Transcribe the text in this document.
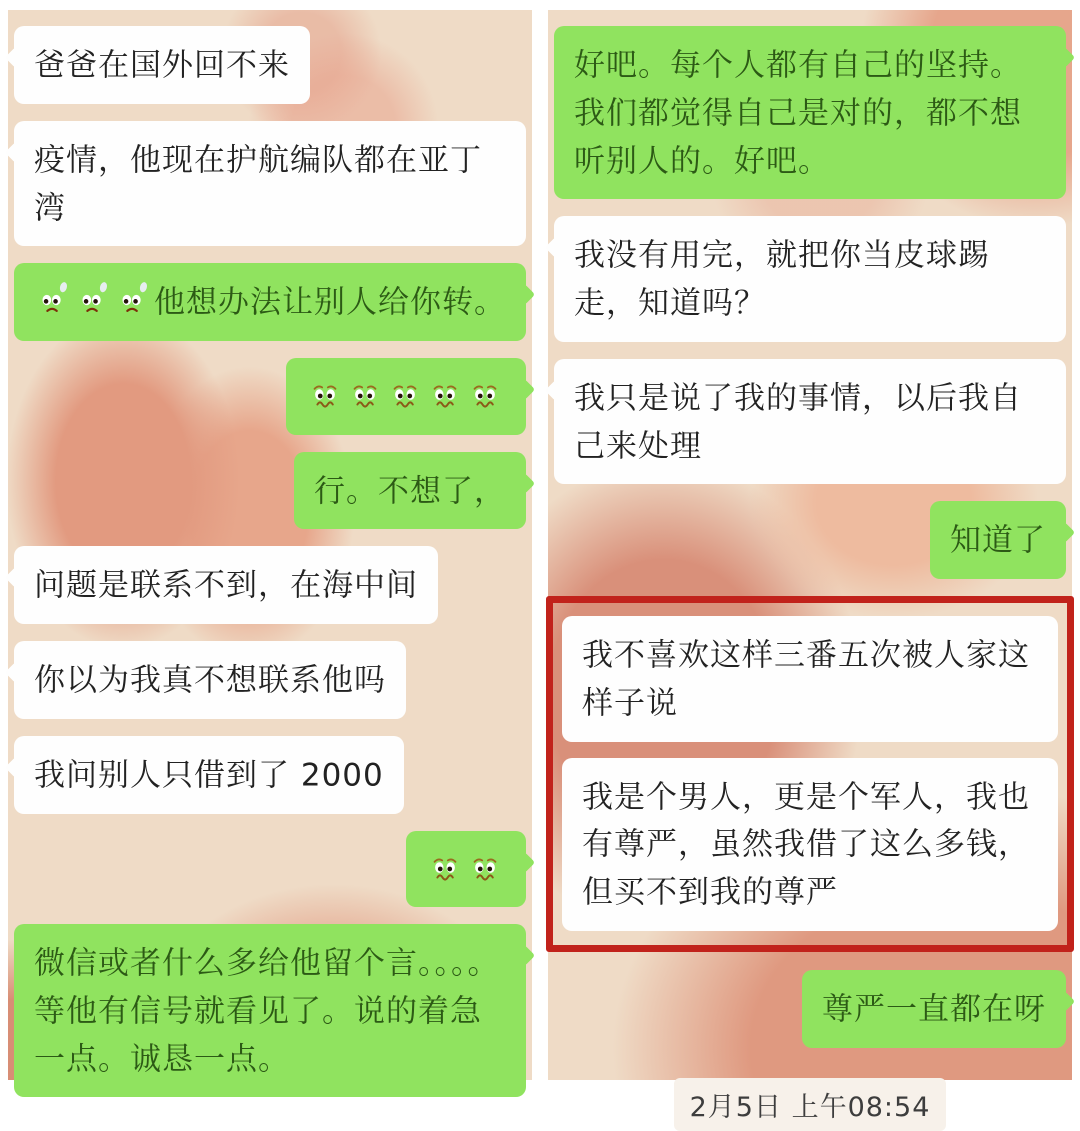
爸爸在国外回不来
疫情，他现在护航编队都在亚丁湾
他想办法让别人给你转。
行。不想了，
问题是联系不到，在海中间
你以为我真不想联系他吗
我问别人只借到了 2000
微信或者什么多给他留个言。。。。等他有信号就看见了。说的着急一点。诚恳一点。
好吧。每个人都有自己的坚持。我们都觉得自己是对的，都不想听别人的。好吧。
我没有用完，就把你当皮球踢走，知道吗？
我只是说了我的事情，以后我自己来处理
知道了
我不喜欢这样三番五次被人家这样子说
我是个男人，更是个军人，我也有尊严，虽然我借了这么多钱，但买不到我的尊严
尊严一直都在呀
2月5日 上午08:54
